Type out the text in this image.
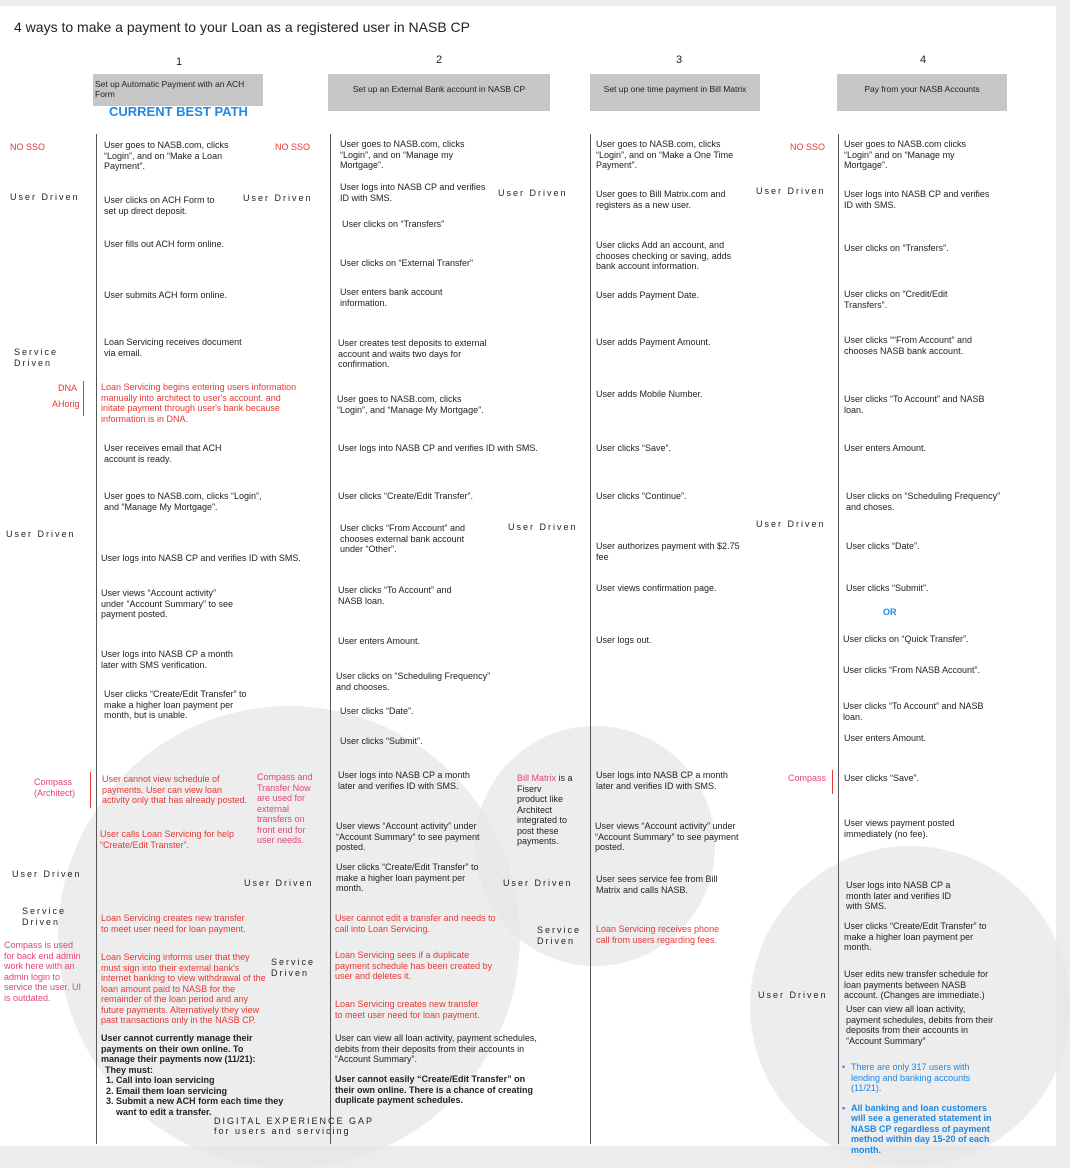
4 ways to make a payment to your Loan as a registered user in NASB CP
1	2	3	4
Set up Automatic Payment with an ACH Form	Set up an External Bank account in NASB CP	Set up one time payment in Bill Matrix	Pay from your NASB Accounts
CURRENT BEST PATH
NO SSO	NO SSO	NO SSO
User Driven	User Driven	User Driven	User Driven
Service Driven
DNA
AHorig
User Driven
User Driven	User Driven
Compass (Architect)
Compass and Transfer Now are used for external transfers on front end for user needs.
Compass
Bill Matrix is a Fiserv product like Architect integrated to post these payments.
User Driven
User Driven	User Driven
User Driven
Service Driven
Service Driven
Service Driven
Compass is used for back end admin work here with an admin login to service the user. UI is outdated.
User goes to NASB.com, clicks “Login”, and on “Make a Loan Payment”.
User clicks on ACH Form to set up direct deposit.
User fills out ACH form online.
User submits ACH form online.
Loan Servicing receives document via email.
Loan Servicing begins entering users information manually into architect to user's account. and initate payment through user's bank because information is in DNA.
User receives email that ACH account is ready.
User goes to NASB.com, clicks “Login”, and “Manage My Mortgage”.
User logs into NASB CP and verifies ID with SMS.
User views “Account activity” under “Account Summary” to see payment posted.
User logs into NASB CP a month later with SMS verification.
User clicks “Create/Edit Transfer” to make a higher loan payment per month, but is unable.
User cannot view schedule of payments. User can view loan activity only that has already posted.
User calls Loan Servicing for help “Create/Edit Transter”.
Loan Servicing creates new transfer to meet user need for loan payment.
Loan Servicing informs user that they must sign into their external bank's internet banking to view withdrawal of the loan amount paid to NASB for the remainder of the loan period and any future payments. Alternatively they view past transactions only in the NASB CP.
User cannot currently manage their payments on their own online. To manage their payments now (11/21):
They must:
1. Call into loan servicing
2. Email them loan servicing
3. Submit a new ACH form each time they want to edit a transfer.
User goes to NASB.com, clicks “Login”, and on “Manage my Mortgage”.
User logs into NASB CP and verifies ID with SMS.
User clicks on “Transfers”
User clicks on “External Transfer”
User enters bank account information.
User creates test deposits to external account and waits two days for confirmation.
User goes to NASB.com, clicks “Login”, and “Manage My Mortgage”.
User logs into NASB CP and verifies ID with SMS.
User clicks “Create/Edit Transfer”.
User clicks “From Account” and chooses external bank account under “Other”.
User clicks “To Account” and NASB loan.
User enters Amount.
User clicks on “Scheduling Frequency” and chooses.
User clicks “Date”.
User clicks “Submit”.
User logs into NASB CP a month later and verifies ID with SMS.
User views “Account activity” under “Account Summary” to see payment posted.
User clicks “Create/Edit Transfer” to make a higher loan payment per month.
User cannot edit a transfer and needs to call into Loan Servicing.
Loan Servicing sees if a duplicate payment schedule has been created by user and deletes it.
Loan Servicing creates new transfer to meet user need for loan payment.
User can view all loan activity, payment schedules, debits from their deposits from their accounts in “Account Summary”.
User cannot easily “Create/Edit Transfer” on their own online. There is a chance of creating duplicate payment schedules.
User goes to NASB.com, clicks “Login”, and on “Make a One Time Payment”.
User goes to Bill Matrix.com and registers as a new user.
User clicks Add an account, and chooses checking or saving, adds bank account information.
User adds Payment Date.
User adds Payment Amount.
User adds Mobile Number.
User clicks “Save”.
User clicks “Continue”.
User authorizes payment with $2.75 fee
User views confirmation page.
User logs out.
User logs into NASB CP a month later and verifies ID with SMS.
User views “Account activity” under “Account Summary” to see payment posted.
User sees service fee from Bill Matrix and calls NASB.
Loan Servicing receives phone call from users regarding fees.
User goes to NASB.com clicks “Login” and on “Manage my Mortgage”.
User logs into NASB CP and verifies ID with SMS.
User clicks on “Transfers”.
User clicks on “Credit/Edit Transfers”.
User clicks ““From Account” and chooses NASB bank account.
User clicks “To Account” and NASB loan.
User enters Amount.
User clicks on “Scheduling Frequency” and choses.
User clicks “Date”.
User clicks “Submit”.
OR
User clicks on “Quick Transfer”.
User clicks “From NASB Account”.
User clicks “To Account” and NASB loan.
User enters Amount.
User clicks “Save”.
User views payment posted immediately (no fee).
User logs into NASB CP a month later and verifies ID with SMS.
User clicks “Create/Edit Transfer” to make a higher loan payment per month.
User edits new transfer schedule for loan payments between NASB account. (Changes are immediate.)
User can view all loan activity, payment schedules, debits from their deposits from their accounts in “Account Summary”
• There are only 317 users with lending and banking accounts (11/21).
• All banking and loan customers will see a generated statement in NASB CP regardless of payment method within day 15-20 of each month.
DIGITAL EXPERIENCE GAP
for users and servicing
